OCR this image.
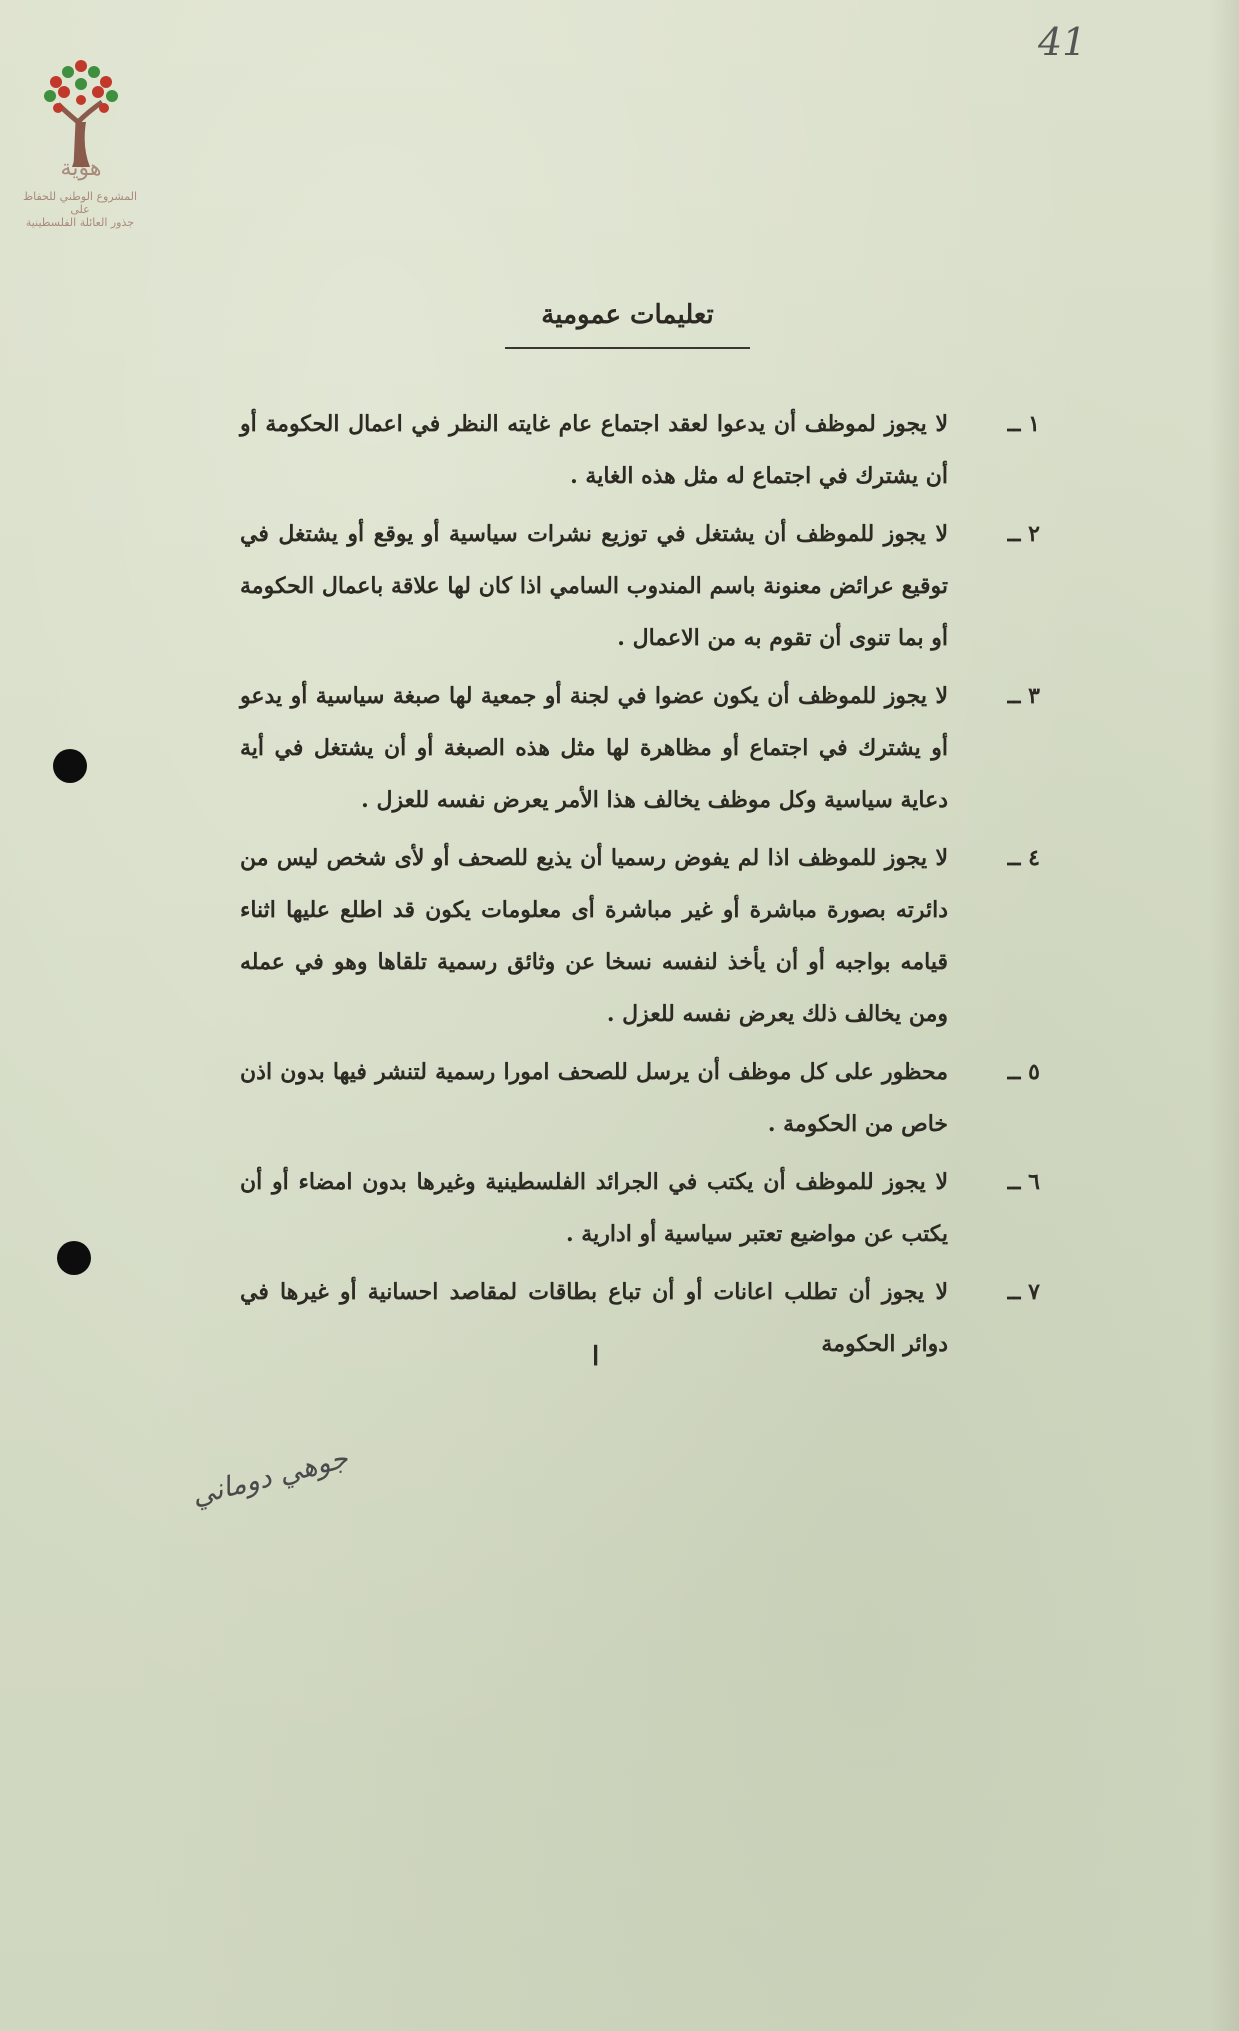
هوية
المشروع الوطني للحفاظ على
جذور العائلة الفلسطينية
41
تعليمات عمومية
١ ــ
لا يجوز لموظف أن يدعوا لعقد اجتماع عام غايته النظر في اعمال الحكومة أو أن يشترك في اجتماع له مثل هذه الغاية .
٢ ــ
لا يجوز للموظف أن يشتغل في توزيع نشرات سياسية أو يوقع أو يشتغل في توقيع عرائض معنونة باسم المندوب السامي اذا كان لها علاقة باعمال الحكومة أو بما تنوى أن تقوم به من الاعمال .
٣ ــ
لا يجوز للموظف أن يكون عضوا في لجنة أو جمعية لها صبغة سياسية أو يدعو أو يشترك في اجتماع أو مظاهرة لها مثل هذه الصبغة أو أن يشتغل في أية دعاية سياسية وكل موظف يخالف هذا الأمر يعرض نفسه للعزل .
٤ ــ
لا يجوز للموظف اذا لم يفوض رسميا أن يذيع للصحف أو لأى شخص ليس من دائرته بصورة مباشرة أو غير مباشرة أى معلومات يكون قد اطلع عليها اثناء قيامه بواجبه أو أن يأخذ لنفسه نسخا عن وثائق رسمية تلقاها وهو في عمله ومن يخالف ذلك يعرض نفسه للعزل .
٥ ــ
محظور على كل موظف أن يرسل للصحف امورا رسمية لتنشر فيها بدون اذن خاص من الحكومة .
٦ ــ
لا يجوز للموظف أن يكتب في الجرائد الفلسطينية وغيرها بدون امضاء أو أن يكتب عن مواضيع تعتبر سياسية أو ادارية .
٧ ــ
لا يجوز أن تطلب اعانات أو أن تباع بطاقات لمقاصد احسانية أو غيرها في دوائر الحكومة
ا
جوهي دوماني
